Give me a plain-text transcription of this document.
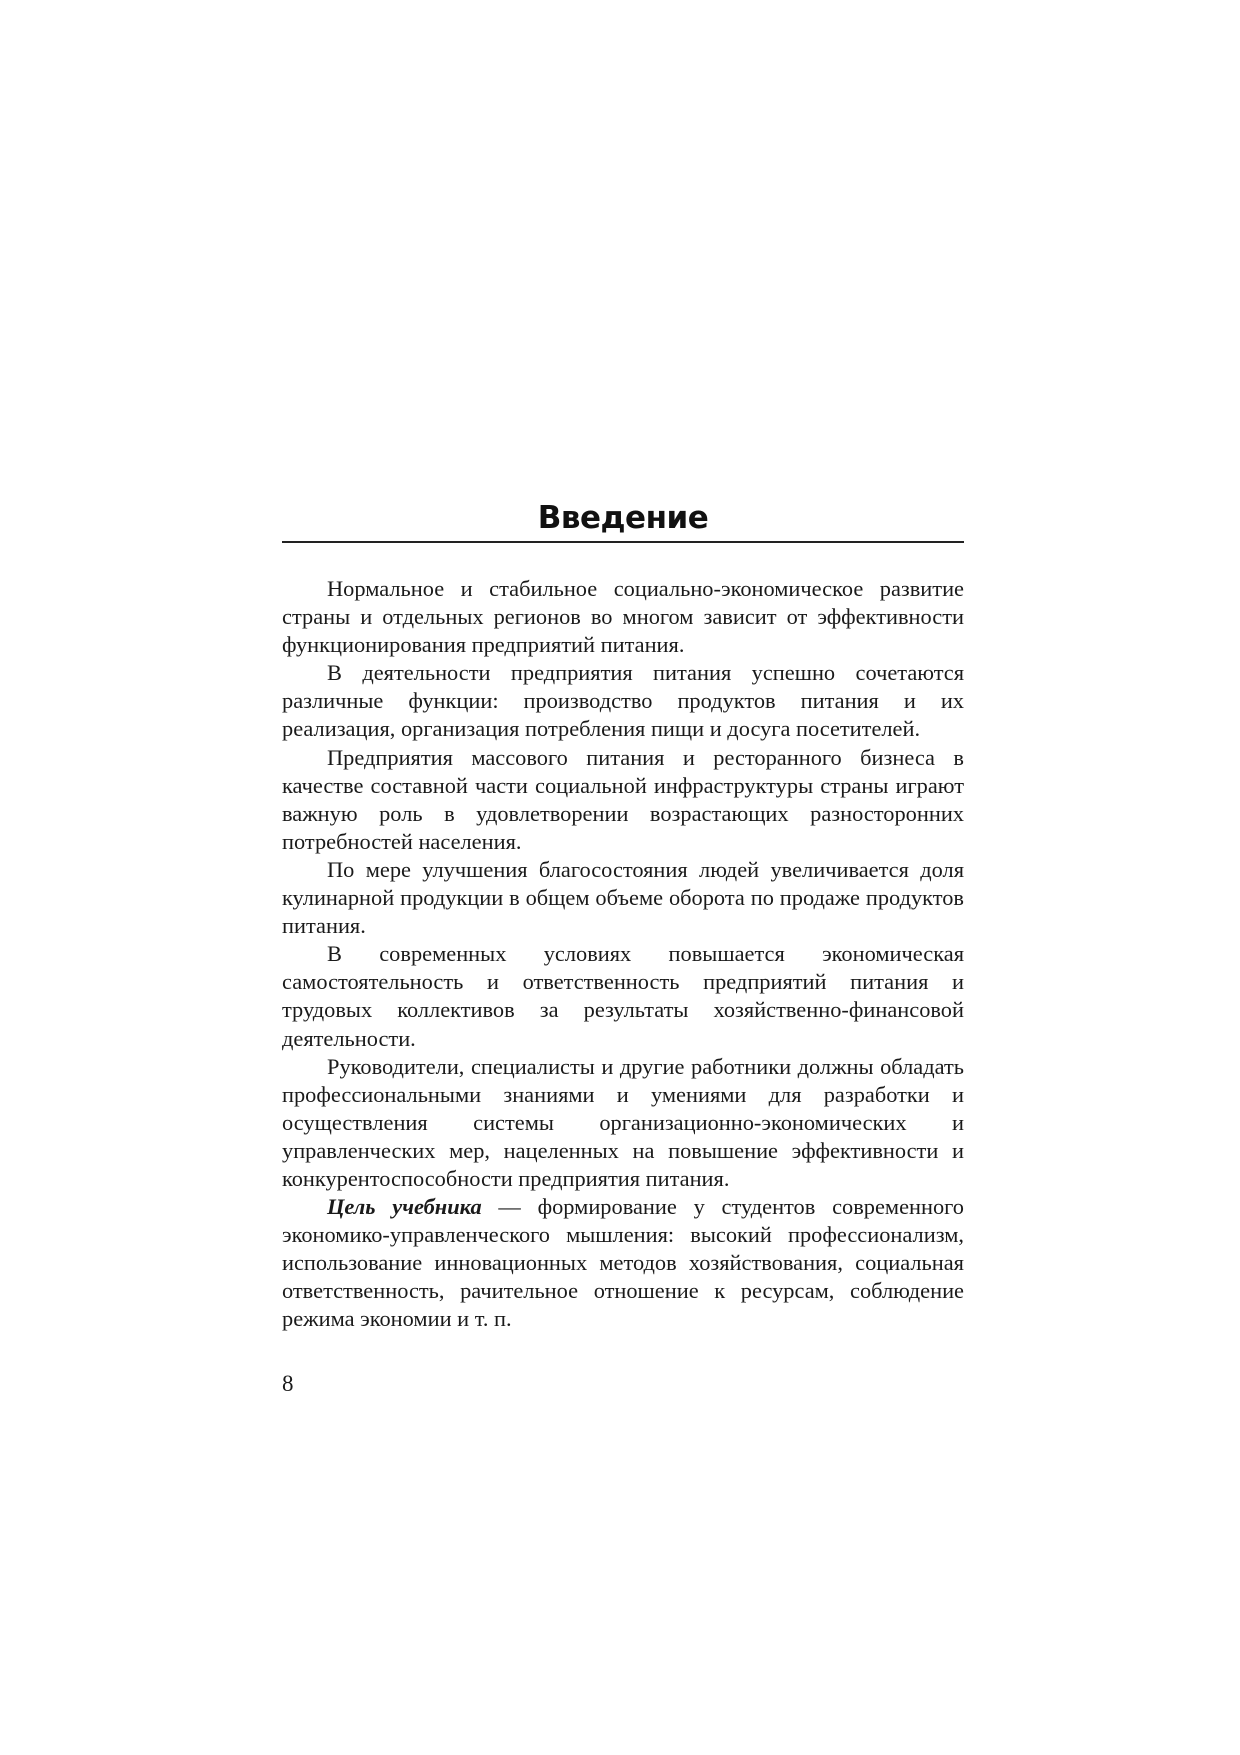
Введение

Нормальное и стабильное социально-экономическое развитие страны и отдельных регионов во многом зависит от эффективности функционирования предприятий питания.

В деятельности предприятия питания успешно сочетаются различные функции: производство продуктов питания и их реализация, организация потребления пищи и досуга посетителей.

Предприятия массового питания и ресторанного бизнеса в качестве составной части социальной инфраструктуры страны играют важную роль в удовлетворении возрастающих разносторонних потребностей населения.

По мере улучшения благосостояния людей увеличивается доля кулинарной продукции в общем объеме оборота по продаже продуктов питания.

В современных условиях повышается экономическая самостоятельность и ответственность предприятий питания и трудовых коллективов за результаты хозяйственно-финансовой деятельности.

Руководители, специалисты и другие работники должны обладать профессиональными знаниями и умениями для разработки и осуществления системы организационно-экономических и управленческих мер, нацеленных на повышение эффективности и конкурентоспособности предприятия питания.

Цель учебника — формирование у студентов современного экономико-управленческого мышления: высокий профессионализм, использование инновационных методов хозяйствования, социальная ответственность, рачительное отношение к ресурсам, соблюдение режима экономии и т. п.

8
